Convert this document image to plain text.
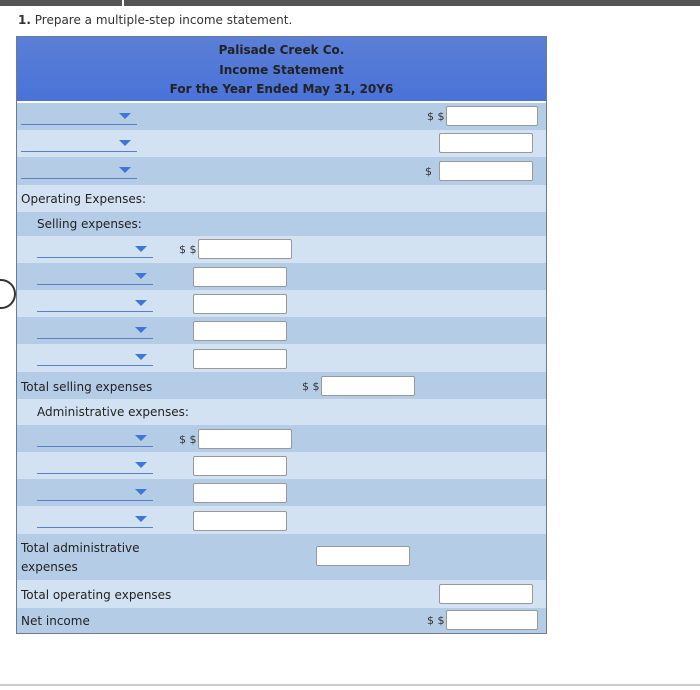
1. Prepare a multiple-step income statement.
Palisade Creek Co.
Income Statement
For the Year Ended May 31, 20Y6
$ $
$
Operating Expenses:
Selling expenses:
$ $
Total selling expenses	$ $
Administrative expenses:
$ $
Total administrative
expenses
Total operating expenses
Net income	$ $
